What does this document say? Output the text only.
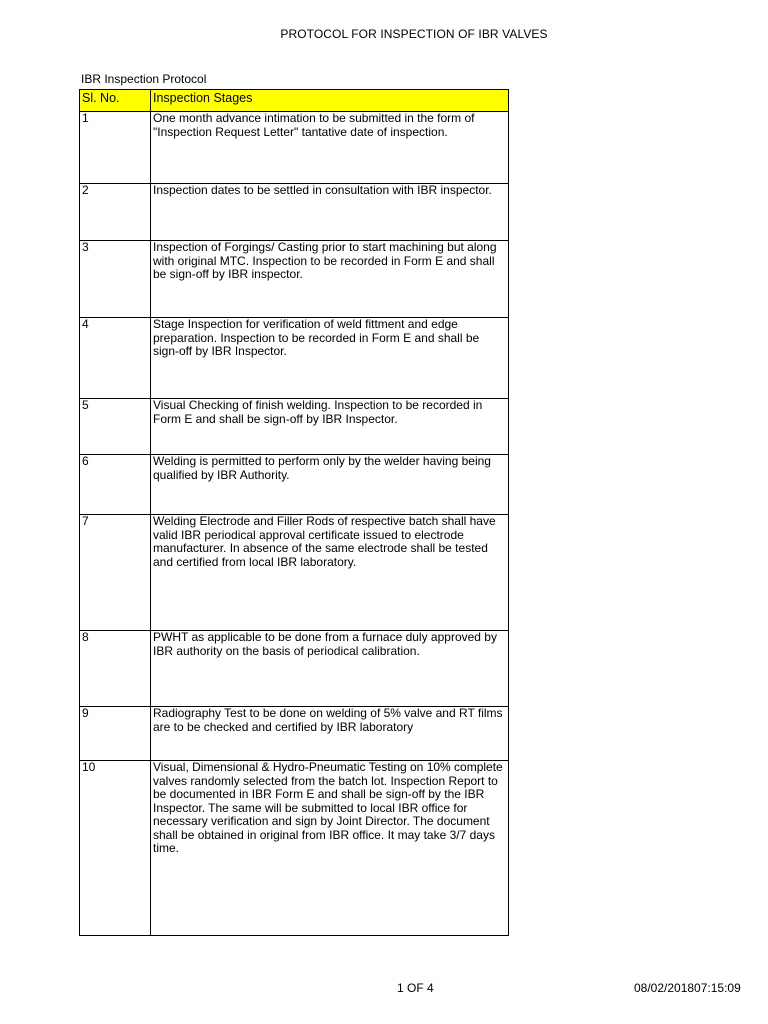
PROTOCOL FOR INSPECTION OF IBR VALVES
IBR Inspection Protocol
Sl. No.	Inspection Stages
1	One month advance intimation to be submitted in the form of "Inspection Request Letter" tantative date of inspection.
2	Inspection dates to be settled in consultation with IBR inspector.
3	Inspection of Forgings/ Casting prior to start machining but along with original MTC. Inspection to be recorded in Form E and shall be sign-off by IBR inspector.
4	Stage Inspection for verification of weld fittment and edge preparation. Inspection to be recorded in Form E and shall be sign-off by IBR Inspector.
5	Visual Checking of finish welding. Inspection to be recorded in Form E and shall be sign-off by IBR Inspector.
6	Welding is permitted to perform only by the welder having being qualified by IBR Authority.
7	Welding Electrode and Filler Rods of respective batch shall have valid IBR periodical approval certificate issued to electrode manufacturer. In absence of the same electrode shall be tested and certified from local IBR laboratory.
8	PWHT as applicable to be done from a furnace duly approved by IBR authority on the basis of periodical calibration.
9	Radiography Test to be done on welding of 5% valve and RT films are to be checked and certified by IBR laboratory
10	Visual, Dimensional & Hydro-Pneumatic Testing on 10% complete valves randomly selected from the batch lot. Inspection Report to be documented in IBR Form E and shall be sign-off by the IBR Inspector. The same will be submitted to local IBR office for necessary verification and sign by Joint Director. The document shall be obtained in original from IBR office. It may take 3/7 days time.
1 OF 4	08/02/201807:15:09
